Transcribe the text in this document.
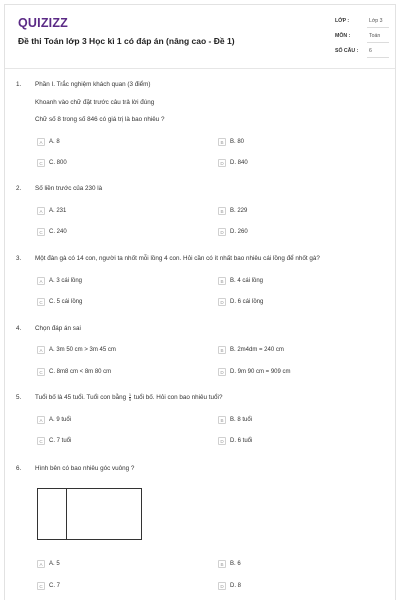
QUIZIZZ
Đề thi Toán lớp 3 Học kì 1 có đáp án (nâng cao - Đề 1)
LỚP :	Lớp 3
MÔN :	Toán
SỐ CÂU : 6
1. Phần I. Trắc nghiệm khách quan (3 điểm)
Khoanh vào chữ đặt trước câu trả lời đúng
Chữ số 8 trong số 846 có giá trị là bao nhiêu ?
A A. 8	B B. 80
C C. 800	D D. 840
2. Số liền trước của 230 là
A A. 231	B B. 229
C C. 240	D D. 260
3. Một đàn gà có 14 con, người ta nhốt mỗi lồng 4 con. Hỏi cần có ít nhất bao nhiêu cái lồng để nhốt gà?
A A. 3 cái lồng	B B. 4 cái lồng
C C. 5 cái lồng	D D. 6 cái lồng
4. Chọn đáp án sai
A A. 3m 50 cm > 3m 45 cm	B B. 2m4dm = 240 cm
C C. 8m8 cm < 8m 80 cm	D D. 9m 90 cm = 909 cm
5. Tuổi bố là 45 tuổi. Tuổi con bằng $\frac{1}{5}$ tuổi bố. Hỏi con bao nhiêu tuổi?
A A. 9 tuổi	B B. 8 tuổi
C C. 7 tuổi	D D. 6 tuổi
6. Hình bên có bao nhiêu góc vuông ?
A A. 5	B B. 6
C C. 7	D D. 8
